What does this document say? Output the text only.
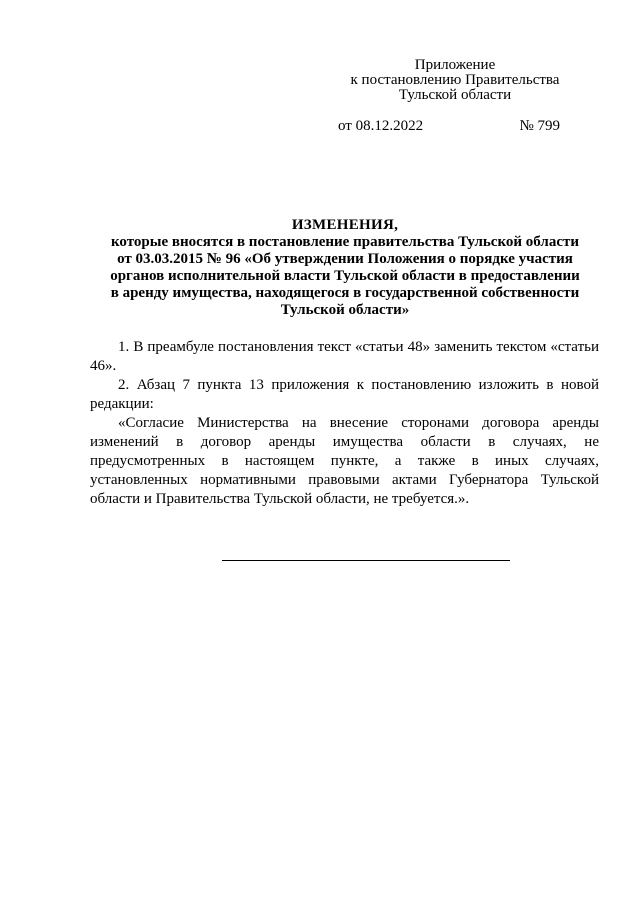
Приложение
к постановлению Правительства
Тульской области
от 08.12.2022	№ 799
ИЗМЕНЕНИЯ,
которые вносятся в постановление правительства Тульской области
от 03.03.2015 № 96 «Об утверждении Положения о порядке участия
органов исполнительной власти Тульской области в предоставлении
в аренду имущества, находящегося в государственной собственности
Тульской области»

1. В преамбуле постановления текст «статьи 48» заменить текстом «статьи 46».

2. Абзац 7 пункта 13 приложения к постановлению изложить в новой редакции:

«Согласие Министерства на внесение сторонами договора аренды изменений в договор аренды имущества области в случаях, не предусмотренных в настоящем пункте, а также в иных случаях, установленных нормативными правовыми актами Губернатора Тульской области и Правительства Тульской области, не требуется.».
